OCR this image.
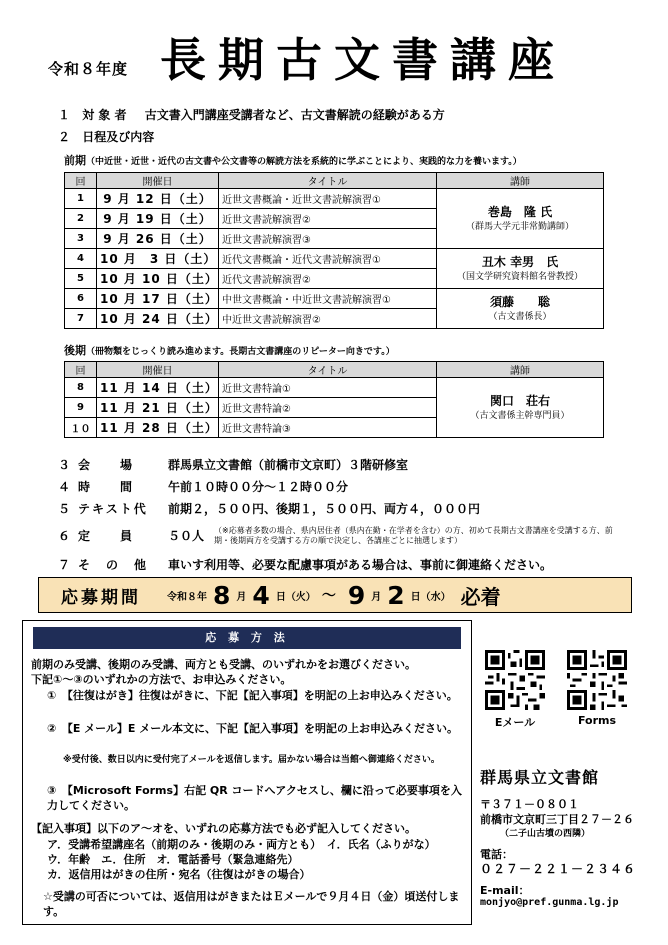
令和８年度 長期古文書講座
１ 対 象 者 古文書入門講座受講者など、古文書解読の経験がある方
２ 日程及び内容
前期（中近世・近世・近代の古文書や公文書等の解読方法を系統的に学ぶことにより、実践的な力を養います。）
回	開催日	タイトル	講師
1	9 月 12 日（土）	近世文書概論・近世文書読解演習①	巻島　隆 氏
（群馬大学元非常勤講師）

2	9 月 19 日（土）	近世文書読解演習②	
3	9 月 26 日（土）	近世文書読解演習③	
4	10 月　3 日（土）	近代文書概論・近代文書読解演習①	丑木 幸男　氏
（国文学研究資料館名誉教授）

5	10 月 10 日（土）	近代文書読解演習②	
6	10 月 17 日（土）	中世文書概論・中近世文書読解演習①	須藤　　聡
（古文書係長）

7	10 月 24 日（土）	中近世文書読解演習②	
後期（冊物類をじっくり読み進めます。長期古文書講座のリピーター向きです。）
回	開催日	タイトル	講師
8	11 月 14 日（土）	近世文書特論①	関口　荘右
（古文書係主幹専門員）

9	11 月 21 日（土）	近世文書特論②	
１０	11 月 28 日（土）	近世文書特論③	
３ 会　　場	群馬県立文書館（前橋市文京町）３階研修室
４ 時　　間	午前１０時００分～１２時００分
５ テキスト代 前期２，５００円、後期１，５００円、両方４，０００円
６ 定　　員	５０人 （※応募者多数の場合、県内居住者（県内在勤・在学者を含む）の方、初めて長期古文書講座を受講する方、前期・後期両方を受講する方の順で決定し、各講座ごとに抽選します）
７ そ　の　他 車いす利用等、必要な配慮事項がある場合は、事前に御連絡ください。
応募期間	令和８年 8 月 4 日 （火） ～ 9 月 2 日 （水） 必着
応 募 方 法
前期のみ受講、後期のみ受講、両方とも受講、のいずれかをお選びください。
下記①～③のいずれかの方法で、お申込みください。
①　【往復はがき】往復はがきに、下記【記入事項】を明記の上お申込みください。
②　【E メール】E メール本文に、下記【記入事項】を明記の上お申込みください。
※受付後、数日以内に受付完了メールを返信します。届かない場合は当館へ御連絡ください。
③　【Microsoft Forms】右記 QR コードへアクセスし、欄に沿って必要事項を入力してください。
【記入事項】以下のア～オを、いずれの応募方法でも必ず記入してください。
ア．受講希望講座名（前期のみ・後期のみ・両方とも）　イ．氏名（ふりがな）
ウ．年齢　エ．住所　オ．電話番号（緊急連絡先）
カ．返信用はがきの住所・宛名（往復はがきの場合）
☆受講の可否については、返信用はがきまたはＥメールで９月４日（金）頃送付します。
Eメール	Forms
群馬県立文書館
〒３７１－０８０１
前橋市文京町三丁目２７－２６
（二子山古墳の西隣）
電話：
０２７－２２１－２３４６
E-mail：
monjyo@pref.gunma.lg.jp
